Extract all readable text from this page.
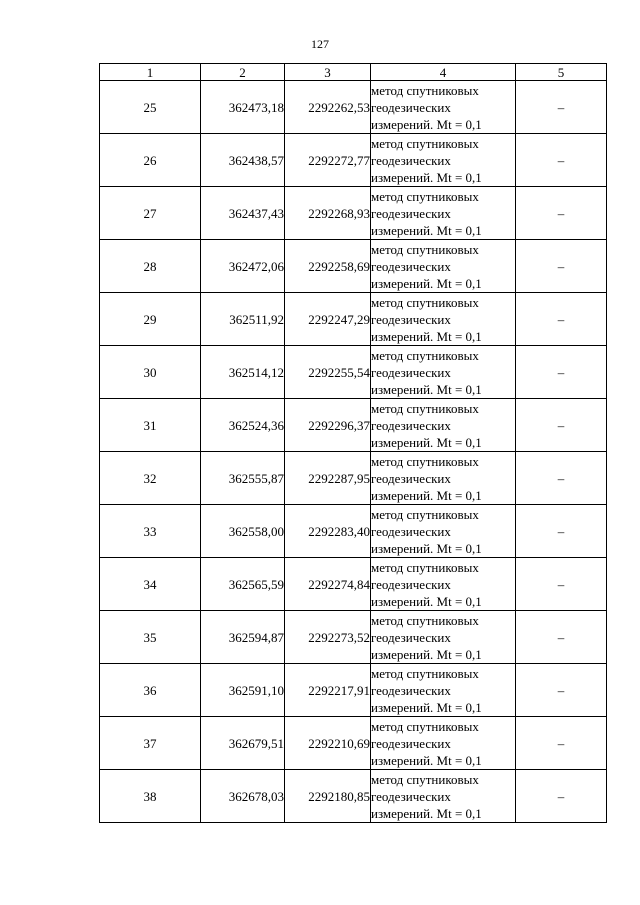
127
1	2	3	4	5
25	362473,18	2292262,53	метод спутниковых
геодезических
измерений. Mt = 0,1	–
26	362438,57	2292272,77	метод спутниковых
геодезических
измерений. Mt = 0,1	–
27	362437,43	2292268,93	метод спутниковых
геодезических
измерений. Mt = 0,1	–
28	362472,06	2292258,69	метод спутниковых
геодезических
измерений. Mt = 0,1	–
29	362511,92	2292247,29	метод спутниковых
геодезических
измерений. Mt = 0,1	–
30	362514,12	2292255,54	метод спутниковых
геодезических
измерений. Mt = 0,1	–
31	362524,36	2292296,37	метод спутниковых
геодезических
измерений. Mt = 0,1	–
32	362555,87	2292287,95	метод спутниковых
геодезических
измерений. Mt = 0,1	–
33	362558,00	2292283,40	метод спутниковых
геодезических
измерений. Mt = 0,1	–
34	362565,59	2292274,84	метод спутниковых
геодезических
измерений. Mt = 0,1	–
35	362594,87	2292273,52	метод спутниковых
геодезических
измерений. Mt = 0,1	–
36	362591,10	2292217,91	метод спутниковых
геодезических
измерений. Mt = 0,1	–
37	362679,51	2292210,69	метод спутниковых
геодезических
измерений. Mt = 0,1	–
38	362678,03	2292180,85	метод спутниковых
геодезических
измерений. Mt = 0,1	–
